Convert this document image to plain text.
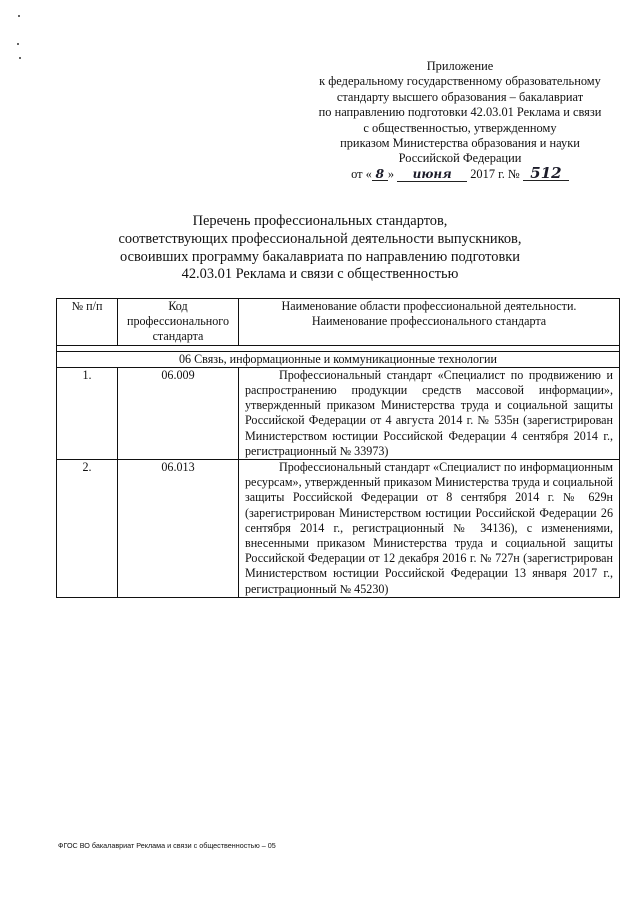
Приложение
к федеральному государственному образовательному
стандарту высшего образования – бакалавриат
по направлению подготовки 42.03.01 Реклама и связи
с общественностью, утвержденному
приказом Министерства образования и науки
Российской Федерации
от « 8 » июня 2017 г. № 512
Перечень профессиональных стандартов,
соответствующих профессиональной деятельности выпускников,
освоивших программу бакалавриата по направлению подготовки
42.03.01 Реклама и связи с общественностью
№ п/п	Код профессионального стандарта	Наименование области профессиональной деятельности. Наименование профессионального стандарта

06 Связь, информационные и коммуникационные технологии		
1.	06.009	Профессиональный стандарт «Специалист по продвижению и распространению продукции средств массовой информации», утвержденный приказом Министерства труда и социальной защиты Российской Федерации от 4 августа 2014 г. № 535н (зарегистрирован Министерством юстиции Российской Федерации 4 сентября 2014 г., регистрационный № 33973)
2.	06.013	Профессиональный стандарт «Специалист по информационным ресурсам», утвержденный приказом Министерства труда и социальной защиты Российской Федерации от 8 сентября 2014 г. № 629н (зарегистрирован Министерством юстиции Российской Федерации 26 сентября 2014 г., регистрационный № 34136), с изменениями, внесенными приказом Министерства труда и социальной защиты Российской Федерации от 12 декабря 2016 г. № 727н (зарегистрирован Министерством юстиции Российской Федерации 13 января 2017 г., регистрационный № 45230)
ФГОС ВО бакалавриат Реклама и связи с общественностью – 05
